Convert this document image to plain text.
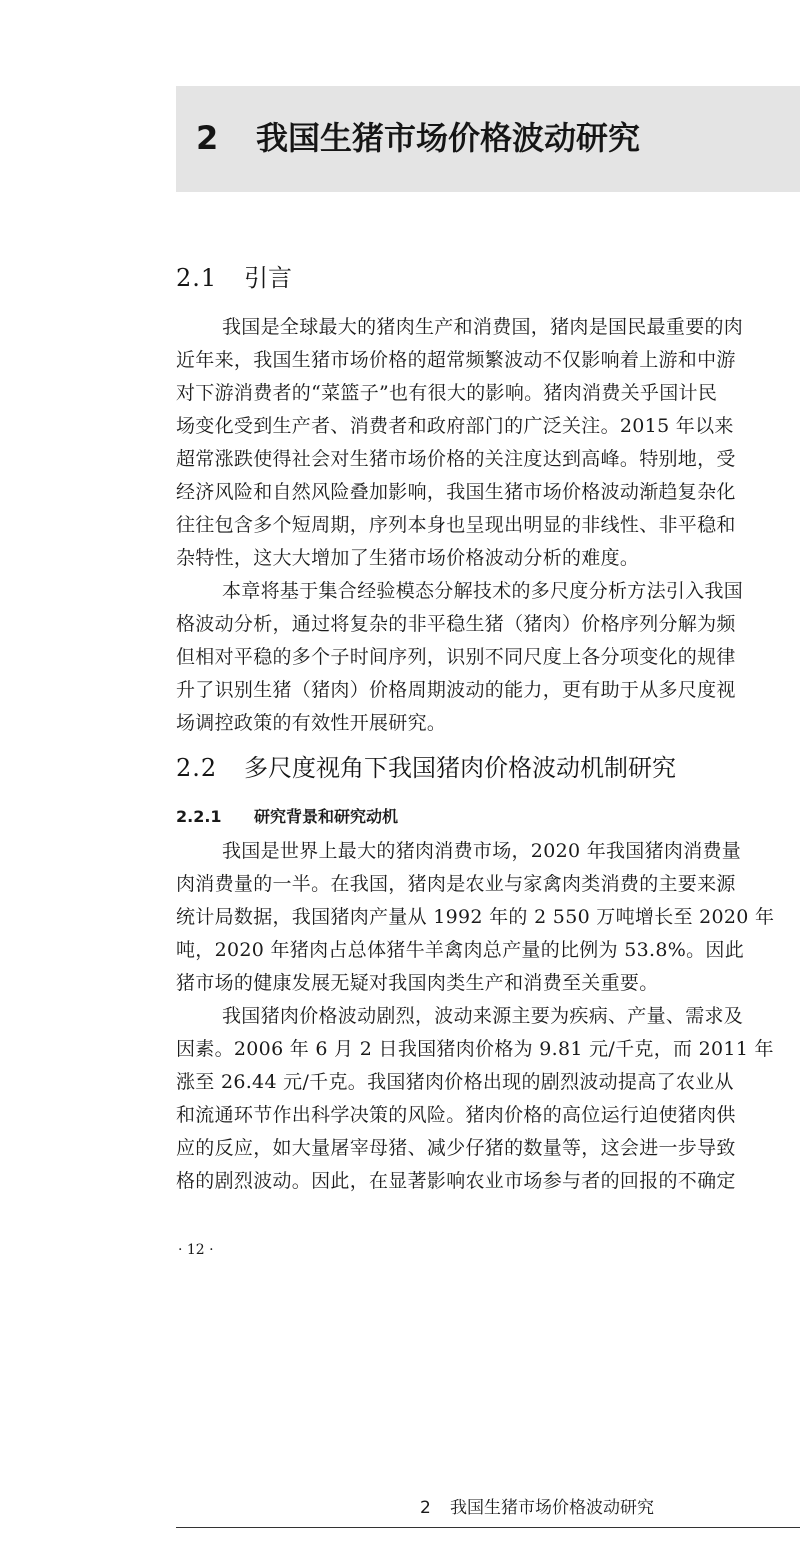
2 我国生猪市场价格波动研究
2.1 引言
我国是全球最大的猪肉生产和消费国，猪肉是国民最重要的肉
近年来，我国生猪市场价格的超常频繁波动不仅影响着上游和中游
对下游消费者的“菜篮子”也有很大的影响。猪肉消费关乎国计民
场变化受到生产者、消费者和政府部门的广泛关注。2015 年以来
超常涨跌使得社会对生猪市场价格的关注度达到高峰。特别地，受
经济风险和自然风险叠加影响，我国生猪市场价格波动渐趋复杂化
往往包含多个短周期，序列本身也呈现出明显的非线性、非平稳和
杂特性，这大大增加了生猪市场价格波动分析的难度。
本章将基于集合经验模态分解技术的多尺度分析方法引入我国
格波动分析，通过将复杂的非平稳生猪（猪肉）价格序列分解为频
但相对平稳的多个子时间序列，识别不同尺度上各分项变化的规律
升了识别生猪（猪肉）价格周期波动的能力，更有助于从多尺度视
场调控政策的有效性开展研究。
2.2 多尺度视角下我国猪肉价格波动机制研究
2.2.1 研究背景和研究动机
我国是世界上最大的猪肉消费市场，2020 年我国猪肉消费量
肉消费量的一半。在我国，猪肉是农业与家禽肉类消费的主要来源
统计局数据，我国猪肉产量从 1992 年的 2 550 万吨增长至 2020 年
吨，2020 年猪肉占总体猪牛羊禽肉总产量的比例为 53.8%。因此
猪市场的健康发展无疑对我国肉类生产和消费至关重要。
我国猪肉价格波动剧烈，波动来源主要为疾病、产量、需求及
因素。2006 年 6 月 2 日我国猪肉价格为 9.81 元/千克，而 2011 年
涨至 26.44 元/千克。我国猪肉价格出现的剧烈波动提高了农业从
和流通环节作出科学决策的风险。猪肉价格的高位运行迫使猪肉供
应的反应，如大量屠宰母猪、减少仔猪的数量等，这会进一步导致
格的剧烈波动。因此，在显著影响农业市场参与者的回报的不确定
· 12 ·
2 我国生猪市场价格波动研究
